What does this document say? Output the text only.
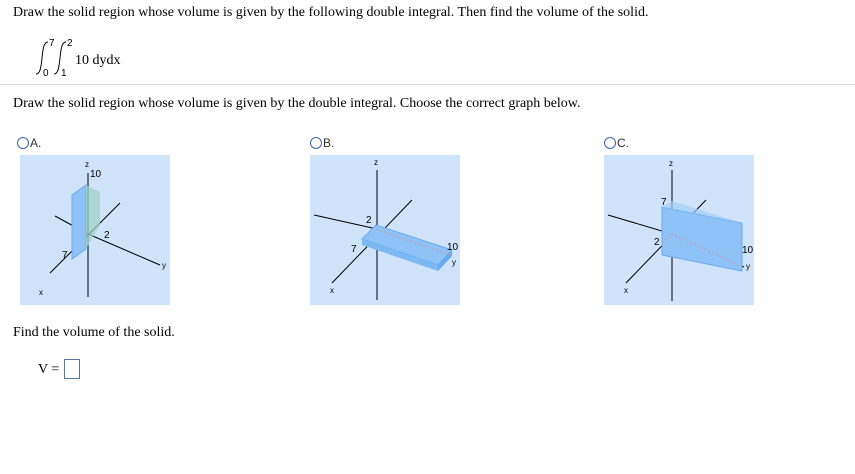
Draw the solid region whose volume is given by the following double integral. Then find the volume of the solid.
7
0
2
1
10 dydx
Draw the solid region whose volume is given by the double integral. Choose the correct graph below.
A.
z
10
2
7
y
x
B.
z
7
2
10
y
x
C.
z
7
2
10
y
x
Find the volume of the solid.
V =
